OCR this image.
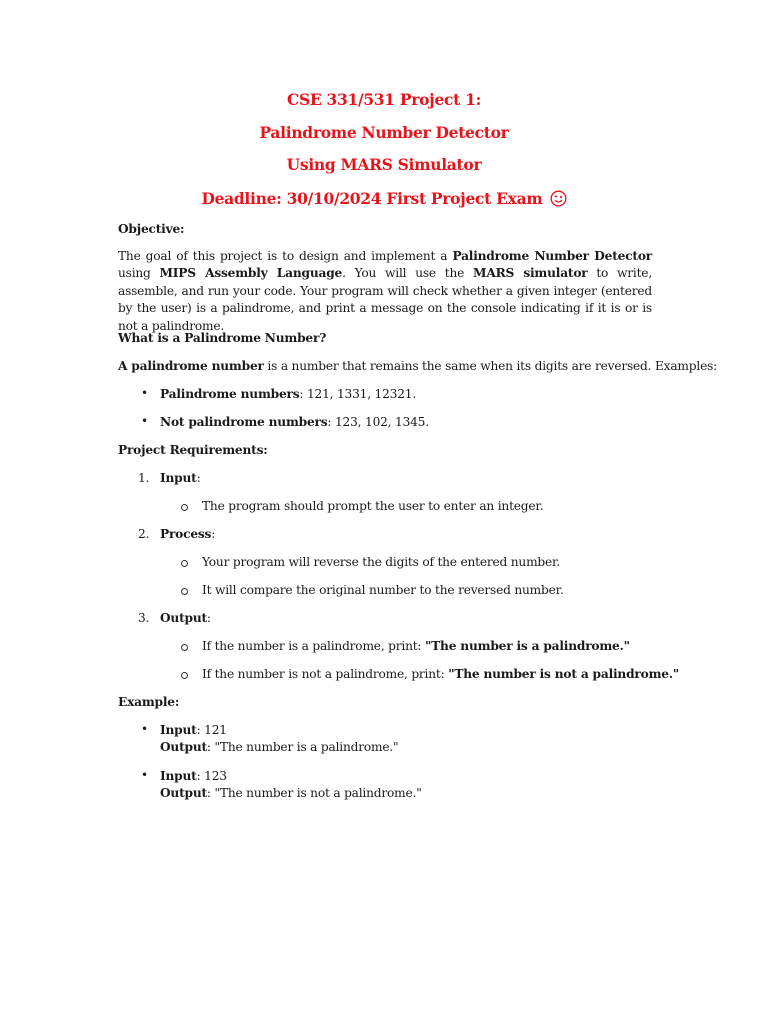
CSE 331/531 Project 1:
Palindrome Number Detector
Using MARS Simulator
Deadline: 30/10/2024 First Project Exam
Objective:
The goal of this project is to design and implement a Palindrome Number Detector using MIPS Assembly Language. You will use the MARS simulator to write, assemble, and run your code. Your program will check whether a given integer (entered by the user) is a palindrome, and print a message on the console indicating if it is or is not a palindrome.
What is a Palindrome Number?
A palindrome number is a number that remains the same when its digits are reversed. Examples:
• Palindrome numbers: 121, 1331, 12321.
• Not palindrome numbers: 123, 102, 1345.
Project Requirements:
1. Input:
The program should prompt the user to enter an integer.
2. Process:
Your program will reverse the digits of the entered number.
It will compare the original number to the reversed number.
3. Output:
If the number is a palindrome, print: "The number is a palindrome."
If the number is not a palindrome, print: "The number is not a palindrome."
Example:
• Input: 121
Output: "The number is a palindrome."
• Input: 123
Output: "The number is not a palindrome."
